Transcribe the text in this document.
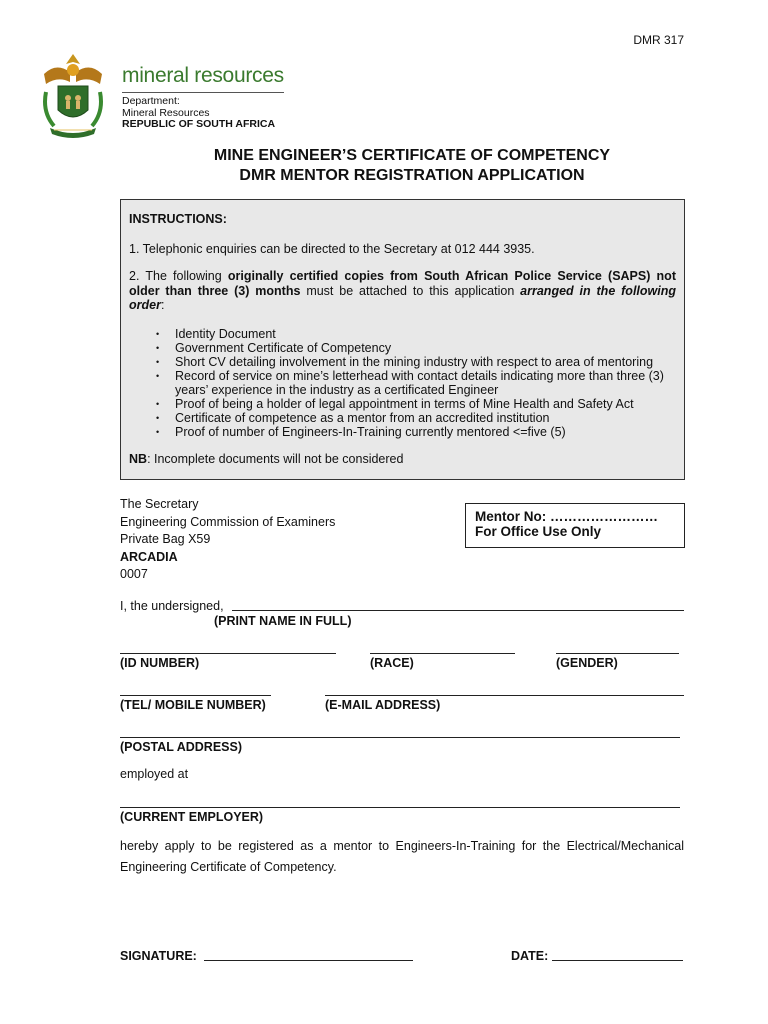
DMR 317
mineral resources
Department:
Mineral Resources
REPUBLIC OF SOUTH AFRICA
MINE ENGINEER’S CERTIFICATE OF COMPETENCY
DMR MENTOR REGISTRATION APPLICATION

INSTRUCTIONS:

1. Telephonic enquiries can be directed to the Secretary at 012 444 3935.

2. The following originally certified copies from South African Police Service (SAPS) not older than three (3) months must be attached to this application arranged in the following order:

• Identity Document
• Government Certificate of Competency
• Short CV detailing involvement in the mining industry with respect to area of mentoring
• Record of service on mine’s letterhead with contact details indicating more than three (3) years’ experience in the industry as a certificated Engineer
• Proof of being a holder of legal appointment in terms of Mine Health and Safety Act
• Certificate of competence as a mentor from an accredited institution
• Proof of number of Engineers-In-Training currently mentored <=five (5)

NB: Incomplete documents will not be considered

The Secretary
Engineering Commission of Examiners
Private Bag X59
ARCADIA
0007
Mentor No: ……………………
For Office Use Only
I, the undersigned,
(PRINT NAME IN FULL)
(ID NUMBER)	(RACE)	(GENDER)
(TEL/ MOBILE NUMBER)	(E-MAIL ADDRESS)
(POSTAL ADDRESS)
employed at
(CURRENT EMPLOYER)
hereby apply to be registered as a mentor to Engineers-In-Training for the Electrical/Mechanical Engineering Certificate of Competency.
SIGNATURE:	DATE:
